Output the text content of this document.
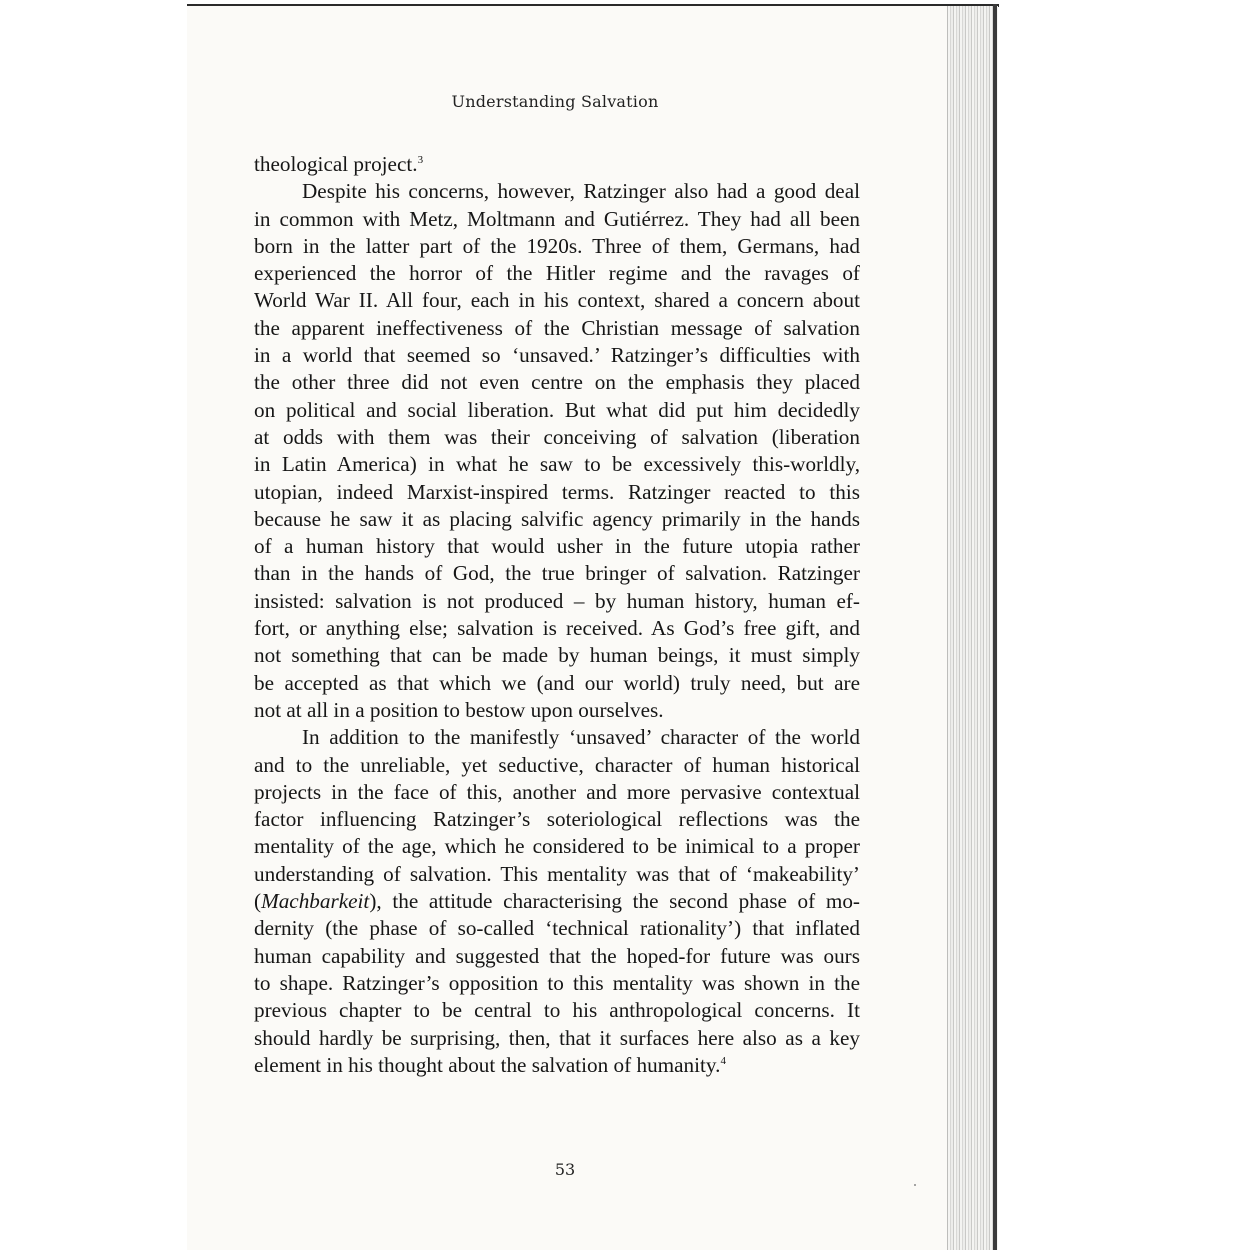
Understanding Salvation
theological project.$^3$
Despite his concerns, however, Ratzinger also had a good deal
in common with Metz, Moltmann and Gutiérrez. They had all been
born in the latter part of the 1920s. Three of them, Germans, had
experienced the horror of the Hitler regime and the ravages of
World War II. All four, each in his context, shared a concern about
the apparent ineffectiveness of the Christian message of salvation
in a world that seemed so ‘unsaved.’ Ratzinger’s difficulties with
the other three did not even centre on the emphasis they placed
on political and social liberation. But what did put him decidedly
at odds with them was their conceiving of salvation (liberation
in Latin America) in what he saw to be excessively this-worldly,
utopian, indeed Marxist-inspired terms. Ratzinger reacted to this
because he saw it as placing salvific agency primarily in the hands
of a human history that would usher in the future utopia rather
than in the hands of God, the true bringer of salvation. Ratzinger
insisted: salvation is not produced – by human history, human ef-
fort, or anything else; salvation is received. As God’s free gift, and
not something that can be made by human beings, it must simply
be accepted as that which we (and our world) truly need, but are
not at all in a position to bestow upon ourselves.
In addition to the manifestly ‘unsaved’ character of the world
and to the unreliable, yet seductive, character of human historical
projects in the face of this, another and more pervasive contextual
factor influencing Ratzinger’s soteriological reflections was the
mentality of the age, which he considered to be inimical to a proper
understanding of salvation. This mentality was that of ‘makeability’
(Machbarkeit), the attitude characterising the second phase of mo-
dernity (the phase of so-called ‘technical rationality’) that inflated
human capability and suggested that the hoped-for future was ours
to shape. Ratzinger’s opposition to this mentality was shown in the
previous chapter to be central to his anthropological concerns. It
should hardly be surprising, then, that it surfaces here also as a key
element in his thought about the salvation of humanity.$^4$
53
